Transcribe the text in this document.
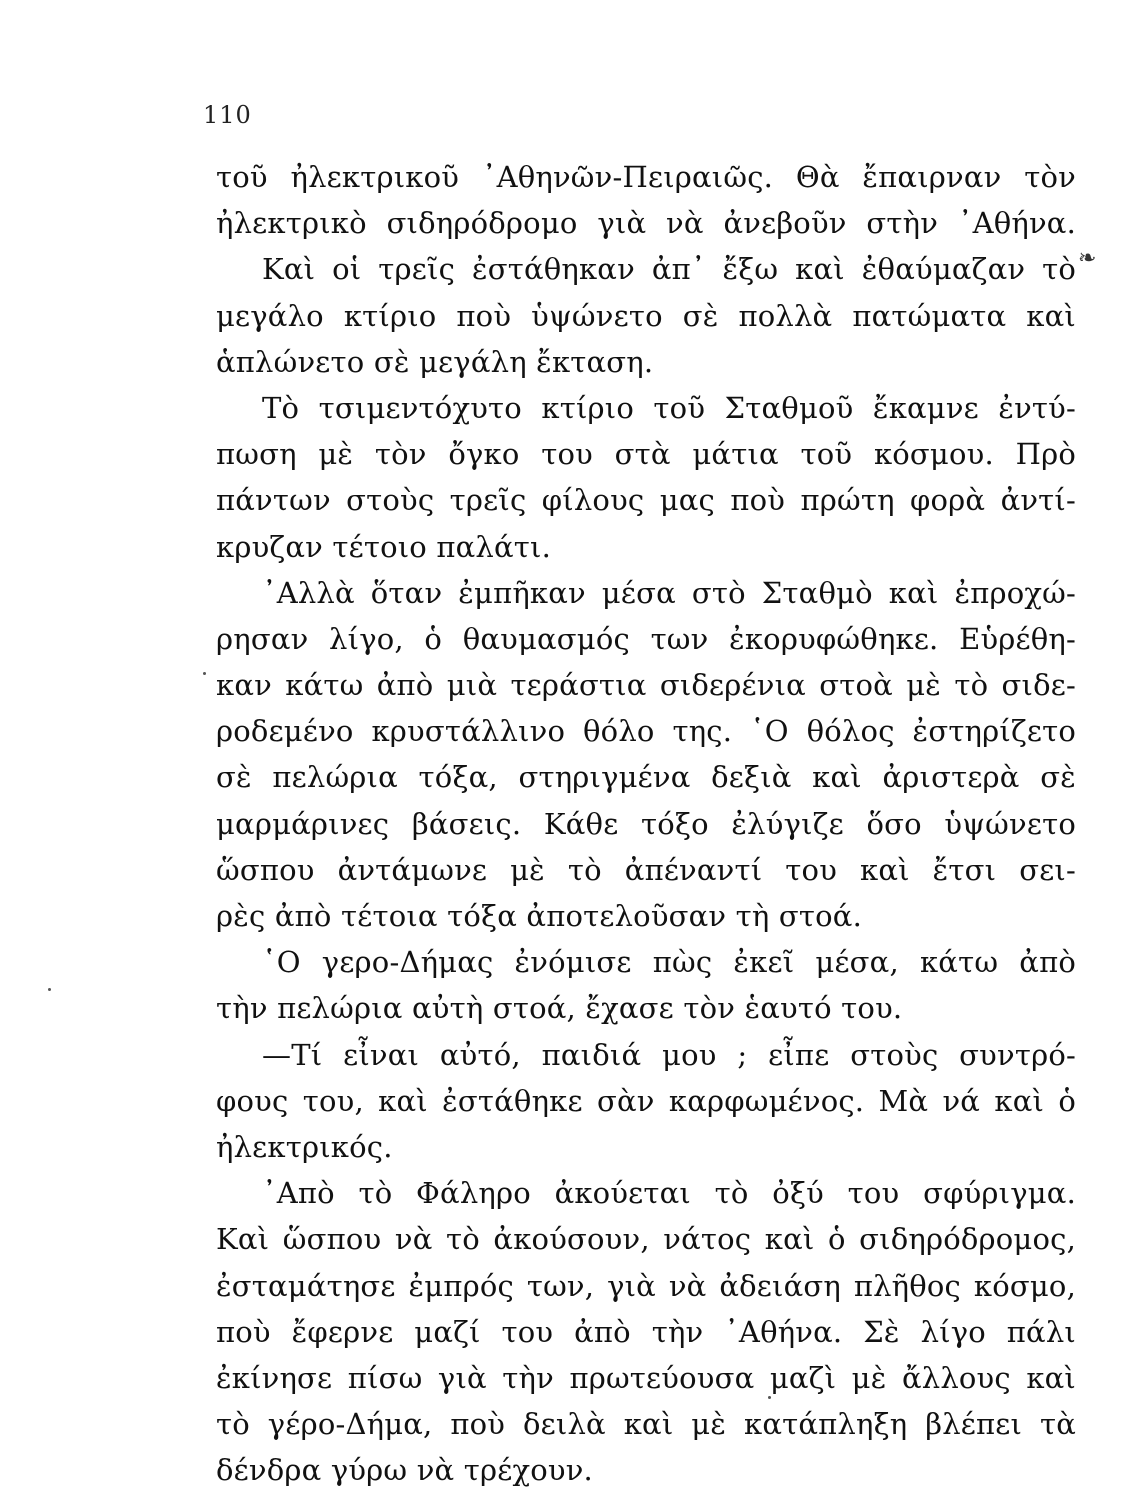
110
❧
τοῦ ἠλεκτρικοῦ ᾽Αθηνῶν-Πειραιῶς. Θὰ ἔπαιρναν τὸν
ἠλεκτρικὸ σιδηρόδρομο γιὰ νὰ ἀνεβοῦν στὴν ᾽Αθήνα.
Καὶ οἱ τρεῖς ἐστάθηκαν ἀπ᾽ ἔξω καὶ ἐθαύμαζαν τὸ
μεγάλο κτίριο ποὺ ὑψώνετο σὲ πολλὰ πατώματα καὶ
ἁπλώνετο σὲ μεγάλη ἔκταση.
Τὸ τσιμεντόχυτο κτίριο τοῦ Σταθμοῦ ἔκαμνε ἐντύ-
πωση μὲ τὸν ὄγκο του στὰ μάτια τοῦ κόσμου. Πρὸ
πάντων στοὺς τρεῖς φίλους μας ποὺ πρώτη φορὰ ἀντί-
κρυζαν τέτοιο παλάτι.
᾽Αλλὰ ὅταν ἐμπῆκαν μέσα στὸ Σταθμὸ καὶ ἐπροχώ-
ρησαν λίγο, ὁ θαυμασμός των ἐκορυφώθηκε. Εὑρέθη-
καν κάτω ἀπὸ μιὰ τεράστια σιδερένια στοὰ μὲ τὸ σιδε-
ροδεμένο κρυστάλλινο θόλο της. ῾Ο θόλος ἐστηρίζετο
σὲ πελώρια τόξα, στηριγμένα δεξιὰ καὶ ἀριστερὰ σὲ
μαρμάρινες βάσεις. Κάθε τόξο ἐλύγιζε ὅσο ὑψώνετο
ὥσπου ἀντάμωνε μὲ τὸ ἀπέναντί του καὶ ἔτσι σει-
ρὲς ἀπὸ τέτοια τόξα ἀποτελοῦσαν τὴ στοά.
῾Ο γερο-Δήμας ἐνόμισε πὼς ἐκεῖ μέσα, κάτω ἀπὸ
τὴν πελώρια αὐτὴ στοά, ἔχασε τὸν ἑαυτό του.
—Τί εἶναι αὐτό, παιδιά μου ; εἶπε στοὺς συντρό-
φους του, καὶ ἐστάθηκε σὰν καρφωμένος. Μὰ νά καὶ ὁ
ἠλεκτρικός.
᾽Απὸ τὸ Φάληρο ἀκούεται τὸ ὀξύ του σφύριγμα.
Καὶ ὥσπου νὰ τὸ ἀκούσουν, νάτος καὶ ὁ σιδηρόδρομος,
ἐσταμάτησε ἐμπρός των, γιὰ νὰ ἀδειάση πλῆθος κόσμο,
ποὺ ἔφερνε μαζί του ἀπὸ τὴν ᾽Αθήνα. Σὲ λίγο πάλι
ἐκίνησε πίσω γιὰ τὴν πρωτεύουσα μαζὶ μὲ ἄλλους καὶ
τὸ γέρο-Δήμα, ποὺ δειλὰ καὶ μὲ κατάπληξη βλέπει τὰ
δένδρα γύρω νὰ τρέχουν.
